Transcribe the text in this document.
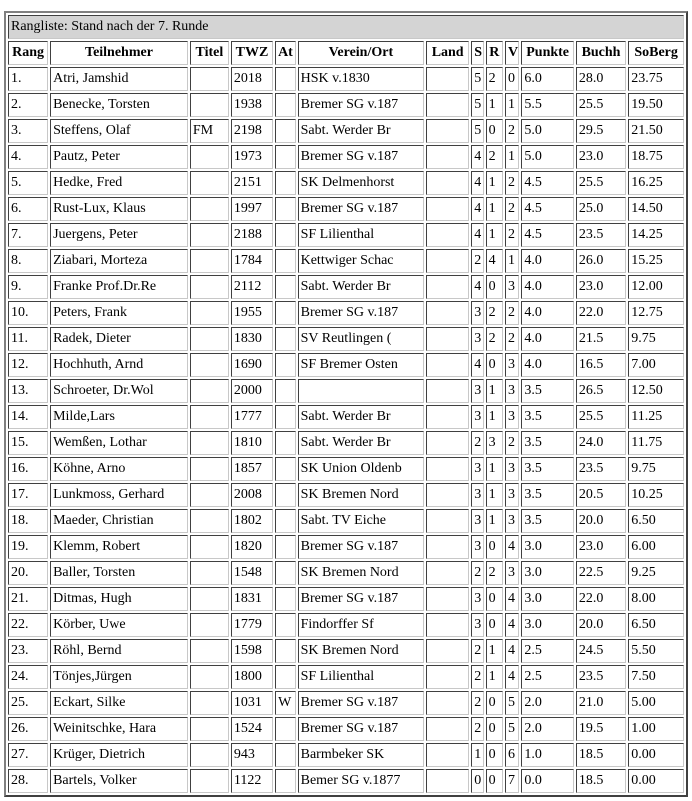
Rangliste: Stand nach der 7. Runde												
Rang	Teilnehmer	Titel	TWZ	At	Verein/Ort	Land	S	R	V	Punkte	Buchh	SoBerg
1.	Atri, Jamshid		2018		HSK v.1830		5	2	0	6.0	28.0	23.75
2.	Benecke, Torsten		1938		Bremer SG v.187		5	1	1	5.5	25.5	19.50
3.	Steffens, Olaf	FM	2198		Sabt. Werder Br		5	0	2	5.0	29.5	21.50
4.	Pautz, Peter		1973		Bremer SG v.187		4	2	1	5.0	23.0	18.75
5.	Hedke, Fred		2151		SK Delmenhorst		4	1	2	4.5	25.5	16.25
6.	Rust-Lux, Klaus		1997		Bremer SG v.187		4	1	2	4.5	25.0	14.50
7.	Juergens, Peter		2188		SF Lilienthal		4	1	2	4.5	23.5	14.25
8.	Ziabari, Morteza		1784		Kettwiger Schac		2	4	1	4.0	26.0	15.25
9.	Franke Prof.Dr.Re		2112		Sabt. Werder Br		4	0	3	4.0	23.0	12.00
10.	Peters, Frank		1955		Bremer SG v.187		3	2	2	4.0	22.0	12.75
11.	Radek, Dieter		1830		SV Reutlingen (		3	2	2	4.0	21.5	9.75
12.	Hochhuth, Arnd		1690		SF Bremer Osten		4	0	3	4.0	16.5	7.00
13.	Schroeter, Dr.Wol		2000				3	1	3	3.5	26.5	12.50
14.	Milde,Lars		1777		Sabt. Werder Br		3	1	3	3.5	25.5	11.25
15.	Wemßen, Lothar		1810		Sabt. Werder Br		2	3	2	3.5	24.0	11.75
16.	Köhne, Arno		1857		SK Union Oldenb		3	1	3	3.5	23.5	9.75
17.	Lunkmoss, Gerhard		2008		SK Bremen Nord		3	1	3	3.5	20.5	10.25
18.	Maeder, Christian		1802		Sabt. TV Eiche		3	1	3	3.5	20.0	6.50
19.	Klemm, Robert		1820		Bremer SG v.187		3	0	4	3.0	23.0	6.00
20.	Baller, Torsten		1548		SK Bremen Nord		2	2	3	3.0	22.5	9.25
21.	Ditmas, Hugh		1831		Bremer SG v.187		3	0	4	3.0	22.0	8.00
22.	Körber, Uwe		1779		Findorffer Sf		3	0	4	3.0	20.0	6.50
23.	Röhl, Bernd		1598		SK Bremen Nord		2	1	4	2.5	24.5	5.50
24.	Tönjes,Jürgen		1800		SF Lilienthal		2	1	4	2.5	23.5	7.50
25.	Eckart, Silke		1031	W	Bremer SG v.187		2	0	5	2.0	21.0	5.00
26.	Weinitschke, Hara		1524		Bremer SG v.187		2	0	5	2.0	19.5	1.00
27.	Krüger, Dietrich		943		Barmbeker SK		1	0	6	1.0	18.5	0.00
28.	Bartels, Volker		1122		Bemer SG v.1877		0	0	7	0.0	18.5	0.00
